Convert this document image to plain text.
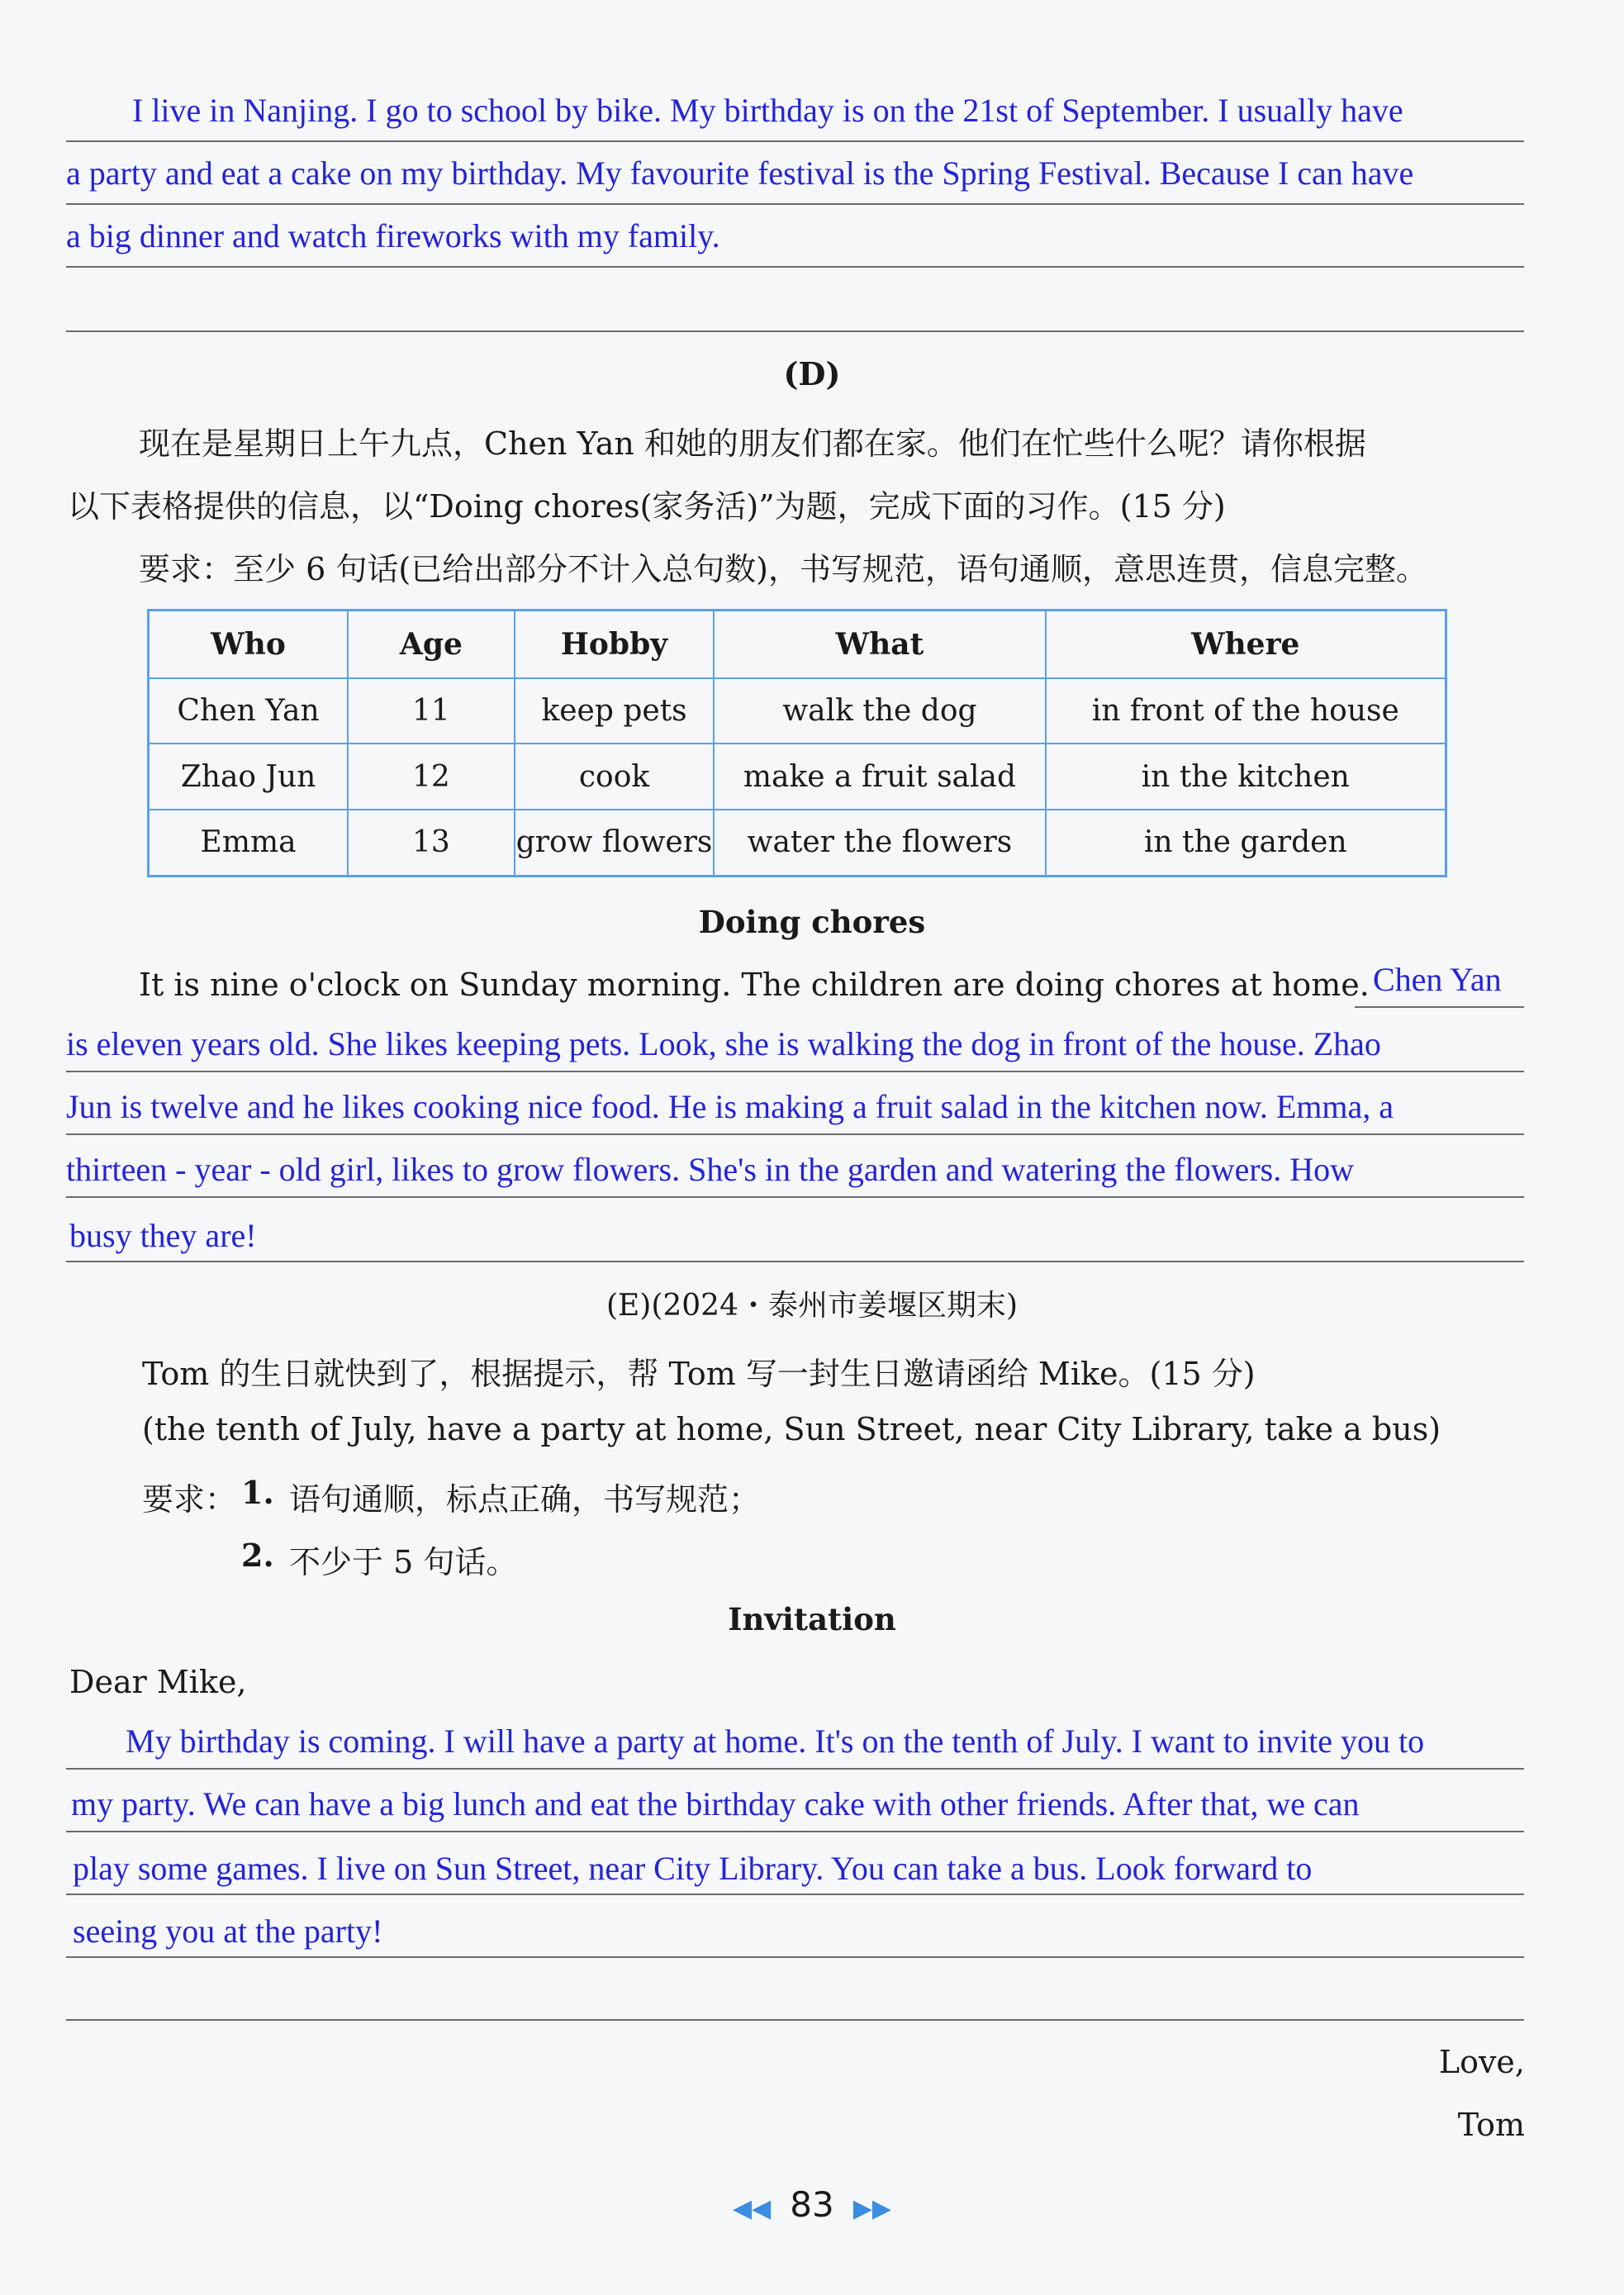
I live in Nanjing. I go to school by bike. My birthday is on the 21st of September. I usually have
a party and eat a cake on my birthday. My favourite festival is the Spring Festival. Because I can have
a big dinner and watch fireworks with my family.
(D)
现在是星期日上午九点，Chen Yan 和她的朋友们都在家。他们在忙些什么呢？请你根据
以下表格提供的信息，以“Doing chores(家务活)”为题，完成下面的习作。(15 分)
要求：至少 6 句话(已给出部分不计入总句数)，书写规范，语句通顺，意思连贯，信息完整。
Who	Age	Hobby	What	Where
Chen Yan	11	keep pets	walk the dog	in front of the house
Zhao Jun	12	cook	make a fruit salad	in the kitchen
Emma	13	grow flowers	water the flowers	in the garden
Doing chores
It is nine o'clock on Sunday morning. The children are doing chores at home. Chen Yan
is eleven years old. She likes keeping pets. Look, she is walking the dog in front of the house. Zhao
Jun is twelve and he likes cooking nice food. He is making a fruit salad in the kitchen now. Emma, a
thirteen - year - old girl, likes to grow flowers. She's in the garden and watering the flowers. How
busy they are!
(E)(2024・泰州市姜堰区期末)
Tom 的生日就快到了，根据提示，帮 Tom 写一封生日邀请函给 Mike。(15 分)
(the tenth of July, have a party at home, Sun Street, near City Library, take a bus)
要求： 1. 语句通顺，标点正确，书写规范；
2. 不少于 5 句话。
Invitation
Dear Mike,
My birthday is coming. I will have a party at home. It's on the tenth of July. I want to invite you to
my party. We can have a big lunch and eat the birthday cake with other friends. After that, we can
play some games. I live on Sun Street, near City Library. You can take a bus. Look forward to
seeing you at the party!
Love,
Tom
◀◀ 83 ▶▶
